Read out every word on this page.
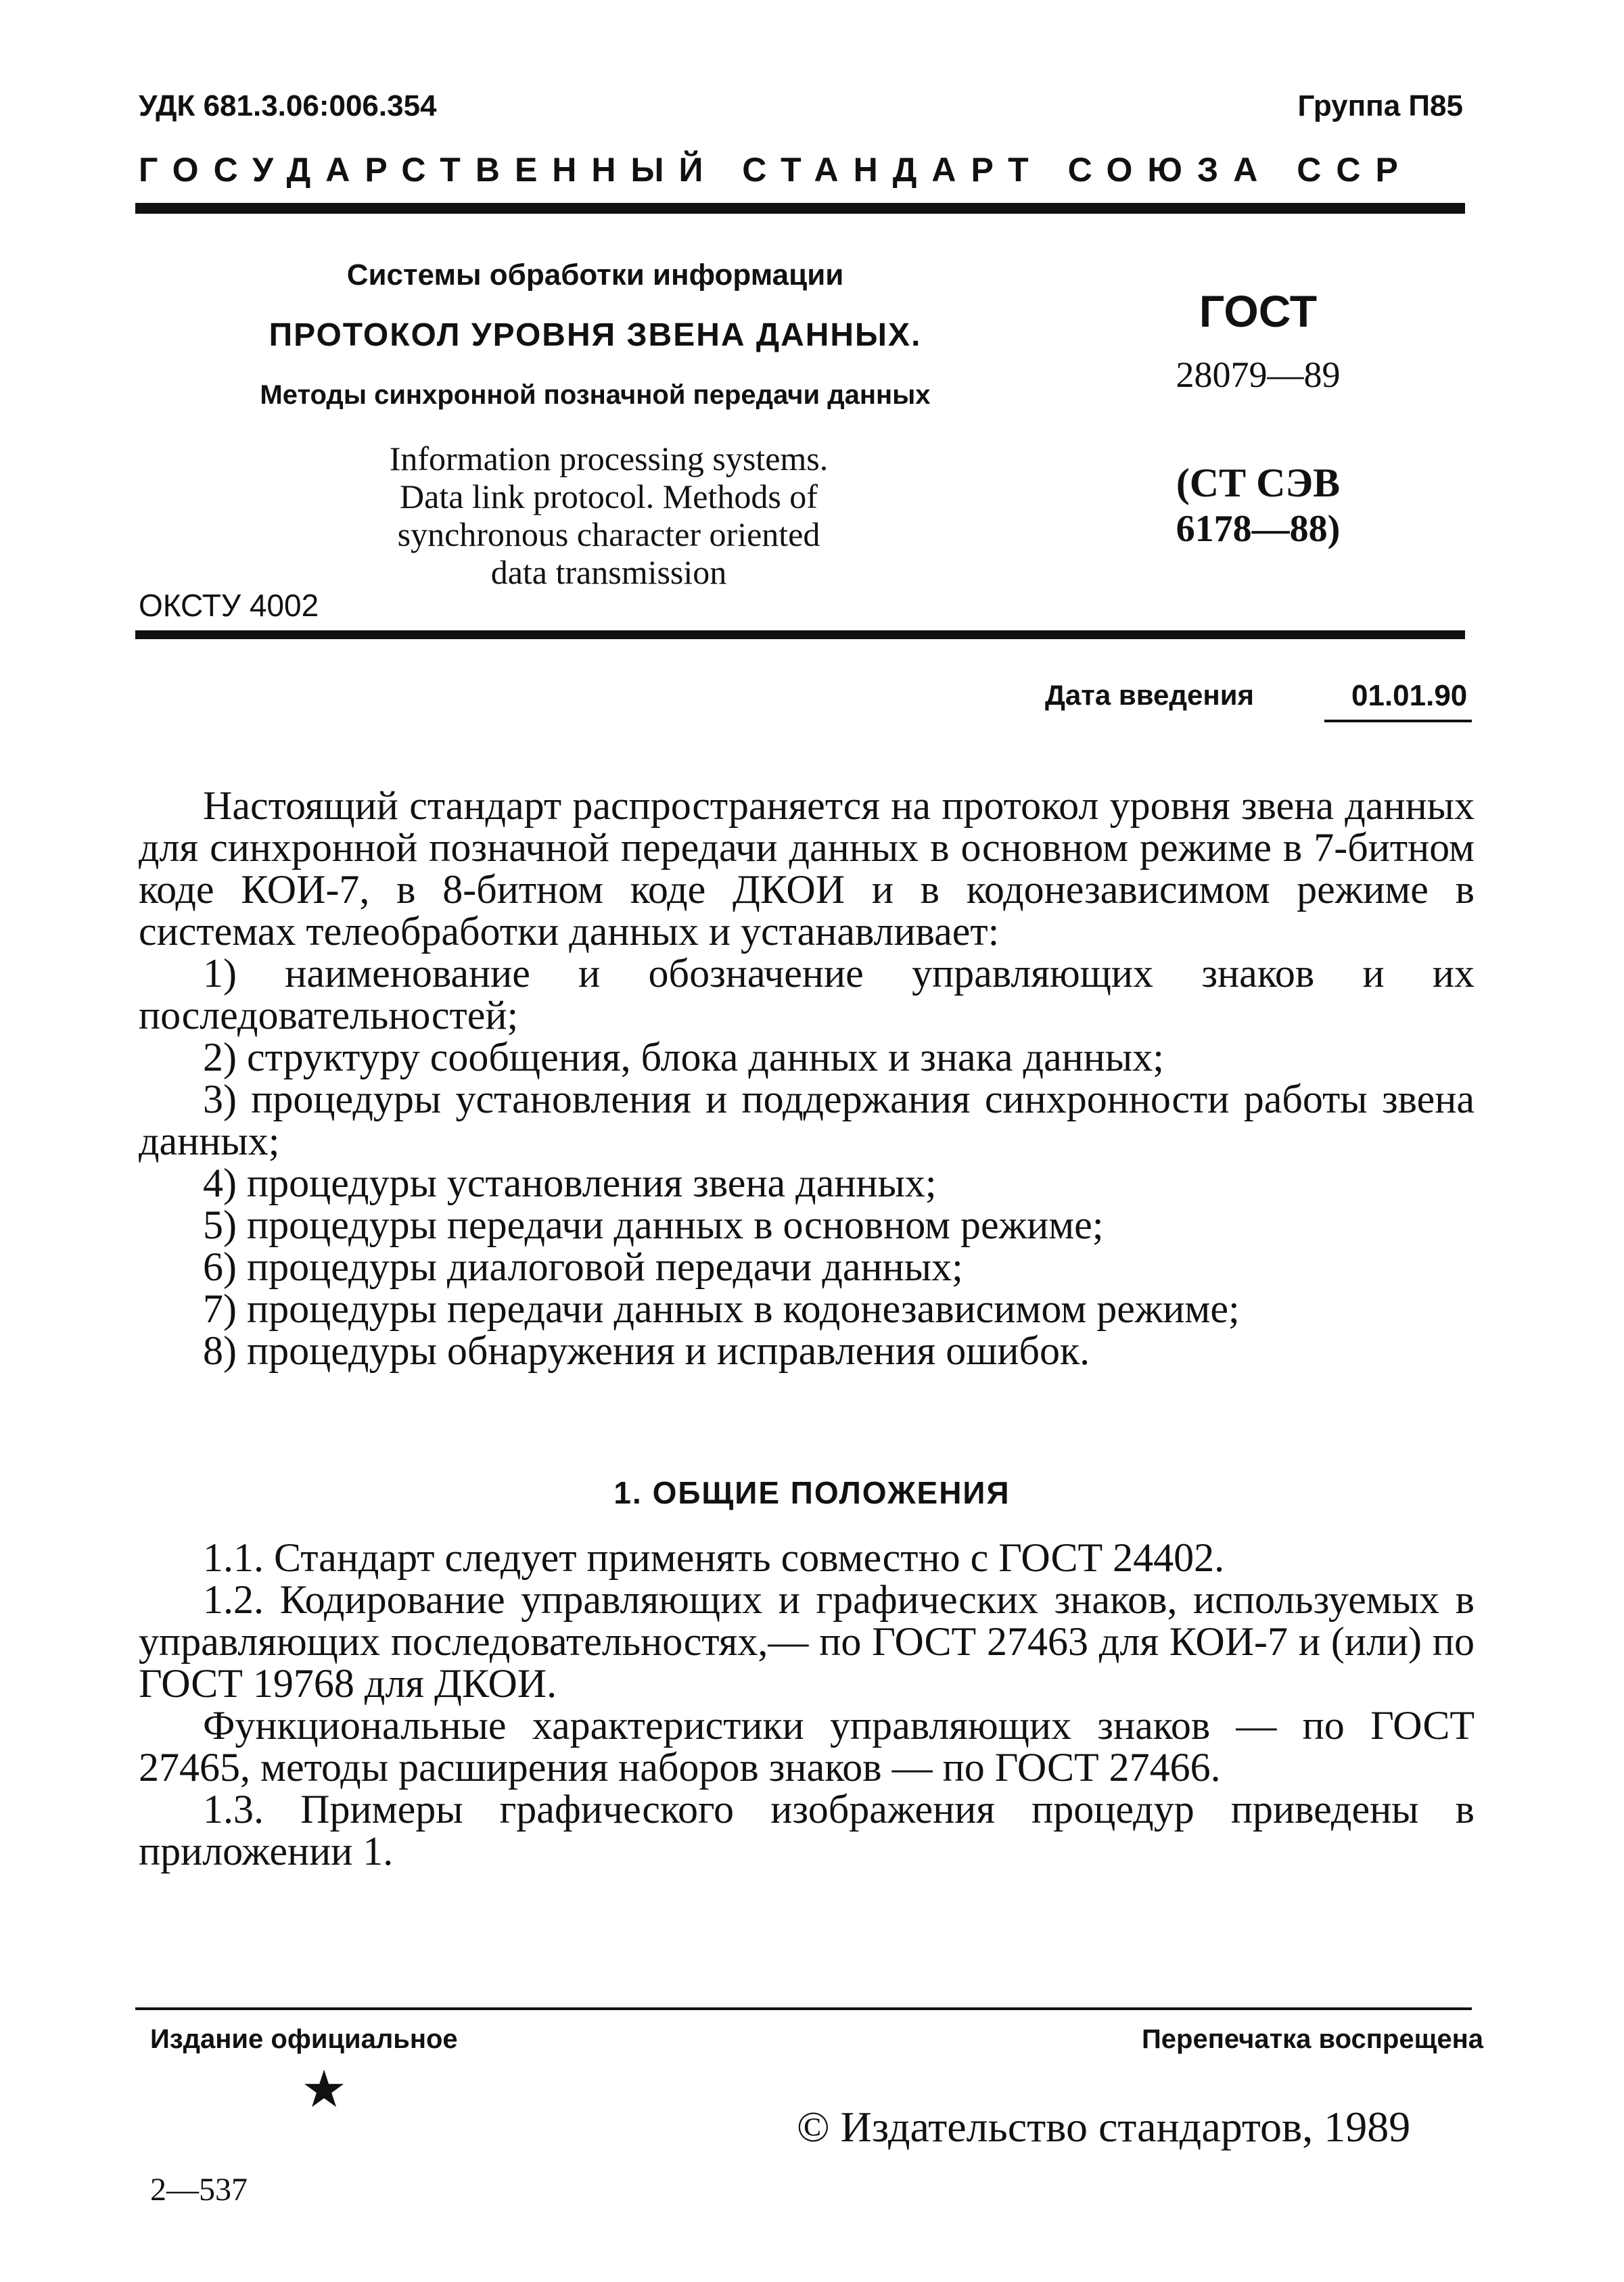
УДК 681.3.06:006.354	Группа П85
ГОСУДАРСТВЕННЫЙ СТАНДАРТ СОЮЗА ССР
Системы обработки информации
ПРОТОКОЛ УРОВНЯ ЗВЕНА ДАННЫХ.
Методы синхронной позначной передачи данных
Information processing systems.
Data link protocol. Methods of
synchronous character oriented
data transmission
ОКСТУ 4002
ГОСТ
28079—89
(СТ СЭВ
6178—88)
Дата введения	01.01.90

Настоящий стандарт распространяется на протокол уровня звена данных для синхронной позначной передачи данных в основном режиме в 7-битном коде КОИ-7, в 8-битном коде ДКОИ и в кодонезависимом режиме в системах телеобработки данных и устанавливает:

1) наименование и обозначение управляющих знаков и их последовательностей;

2) структуру сообщения, блока данных и знака данных;

3) процедуры установления и поддержания синхронности работы звена данных;

4) процедуры установления звена данных;

5) процедуры передачи данных в основном режиме;

6) процедуры диалоговой передачи данных;

7) процедуры передачи данных в кодонезависимом режиме;

8) процедуры обнаружения и исправления ошибок.

1. ОБЩИЕ ПОЛОЖЕНИЯ

1.1. Стандарт следует применять совместно с ГОСТ 24402.

1.2. Кодирование управляющих и графических знаков, используемых в управляющих последовательностях,— по ГОСТ 27463 для КОИ-7 и (или) по ГОСТ 19768 для ДКОИ.

Функциональные характеристики управляющих знаков — по ГОСТ 27465, методы расширения наборов знаков — по ГОСТ 27466.

1.3. Примеры графического изображения процедур приведены в приложении 1.

Издание официальное	Перепечатка воспрещена
★
© Издательство стандартов, 1989
2—537
